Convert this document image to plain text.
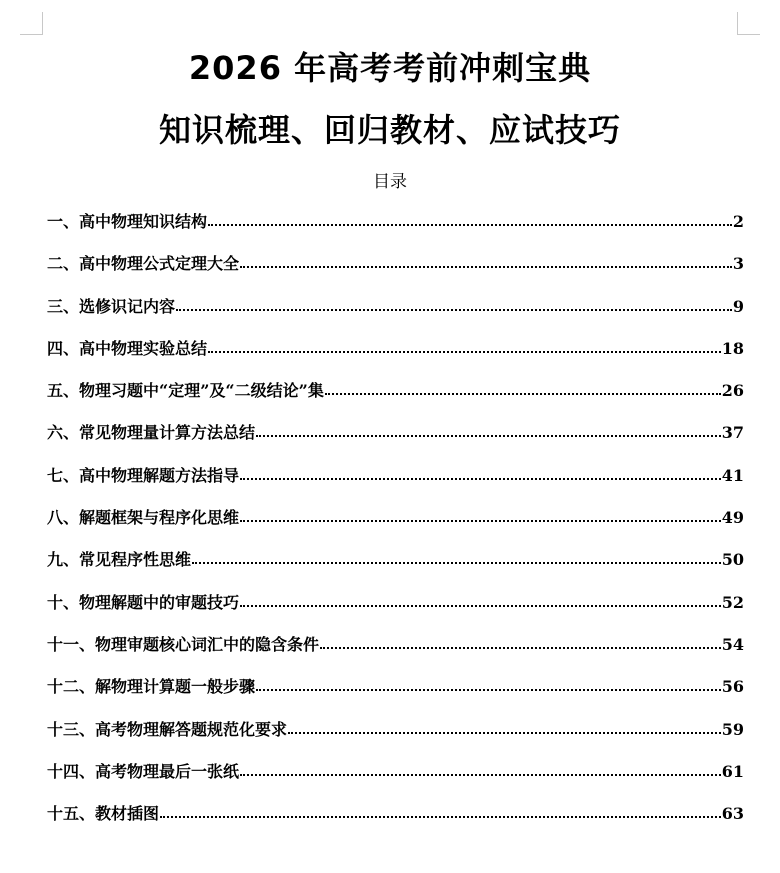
2026 年高考考前冲刺宝典
知识梳理、回归教材、应试技巧
目录
一、高中物理知识结构	2
二、高中物理公式定理大全	3
三、选修识记内容	9
四、高中物理实验总结	18
五、物理习题中“定理”及“二级结论”集	26
六、常见物理量计算方法总结	37
七、高中物理解题方法指导	41
八、解题框架与程序化思维	49
九、常见程序性思维	50
十、物理解题中的审题技巧	52
十一、物理审题核心词汇中的隐含条件	54
十二、解物理计算题一般步骤	56
十三、高考物理解答题规范化要求	59
十四、高考物理最后一张纸	61
十五、教材插图	63
